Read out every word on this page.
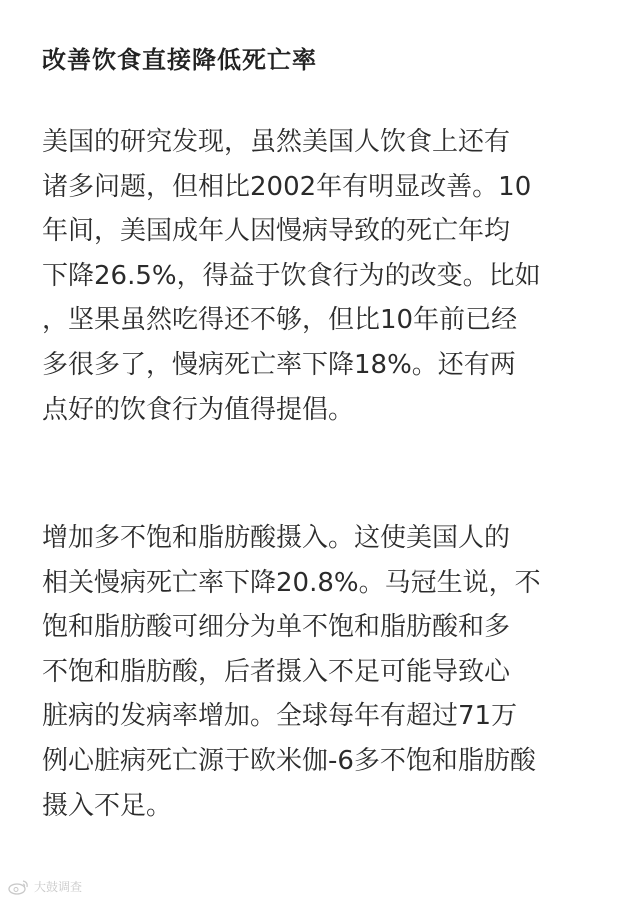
改善饮食直接降低死亡率

美国的研究发现，虽然美国人饮食上还有
诸多问题，但相比2002年有明显改善。10
年间，美国成年人因慢病导致的死亡年均
下降26.5%，得益于饮食行为的改变。比如
，坚果虽然吃得还不够，但比10年前已经
多很多了，慢病死亡率下降18%。还有两
点好的饮食行为值得提倡。

增加多不饱和脂肪酸摄入。这使美国人的
相关慢病死亡率下降20.8%。马冠生说，不
饱和脂肪酸可细分为单不饱和脂肪酸和多
不饱和脂肪酸，后者摄入不足可能导致心
脏病的发病率增加。全球每年有超过71万
例心脏病死亡源于欧米伽-6多不饱和脂肪酸
摄入不足。

大鼓调查
